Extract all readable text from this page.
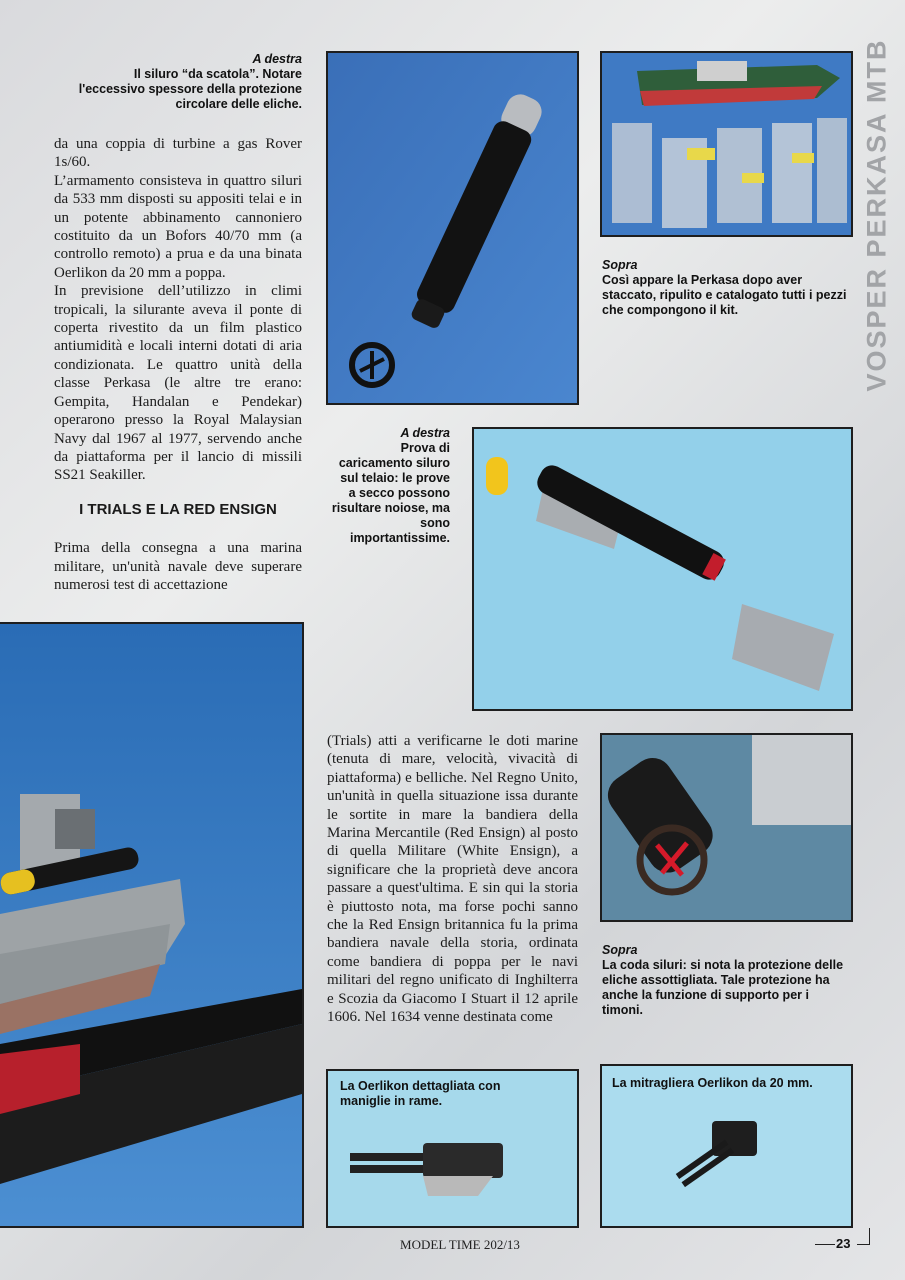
VOSPER PERKASA MTB
A destra
Il siluro “da scatola”. Notare l'eccessivo spessore della protezione circolare delle eliche.
da una coppia di turbine a gas Rover 1s/60.
L’armamento consisteva in quattro siluri da 533 mm disposti su appositi telai e in un potente abbinamento cannoniero costituito da un Bofors 40/70 mm (a controllo remoto) a prua e da una binata Oerlikon da 20 mm a poppa.
In previsione dell’utilizzo in climi tropicali, la silurante aveva il ponte di coperta rivestito da un film plastico antiumidità e locali interni dotati di aria condizionata. Le quattro unità della classe Perkasa (le altre tre erano: Gempita, Handalan e Pendekar) operarono presso la Royal Malaysian Navy dal 1967 al 1977, servendo anche da piattaforma per il lancio di missili SS21 Seakiller.
I TRIALS E LA RED ENSIGN
Prima della consegna a una marina militare, un'unità navale deve superare numerosi test di accettazione
Sopra
Così appare la Perkasa dopo aver staccato, ripulito e catalogato tutti i pezzi che compongono il kit.
A destra
Prova di caricamento siluro sul telaio: le prove a secco possono risultare noiose, ma sono importantissime.
Sopra
La coda siluri: si nota la protezione delle eliche assottigliata. Tale protezione ha anche la funzione di supporto per i timoni.
(Trials) atti a verificarne le doti marine (tenuta di mare, velocità, vivacità di piattaforma) e belliche. Nel Regno Unito, un'unità in quella situazione issa durante le sortite in mare la bandiera della Marina Mercantile (Red Ensign) al posto di quella Militare (White Ensign), a significare che la proprietà deve ancora passare a quest'ultima. E sin qui la storia è piuttosto nota, ma forse pochi sanno che la Red Ensign britannica fu la prima bandiera navale della storia, ordinata come bandiera di poppa per le navi militari del regno unificato di Inghilterra e Scozia da Giacomo I Stuart il 12 aprile 1606. Nel 1634 venne destinata come
La Oerlikon dettagliata con maniglie in rame.
La mitragliera Oerlikon da 20 mm.
MODEL TIME 202/13	23
